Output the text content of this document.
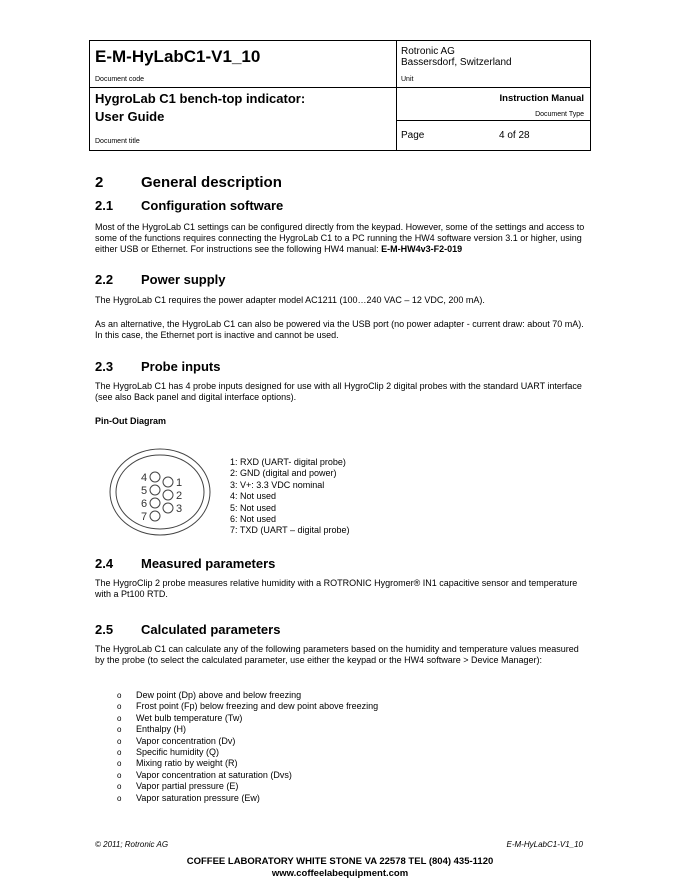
E-M-HyLabC1-V1_10
Document code
Rotronic AG
Bassersdorf, Switzerland
Unit
HygroLab C1 bench-top indicator:
User Guide
Document title
Instruction Manual
Document Type
Page	4 of 28
2	General description
2.1 Configuration software
Most of the HygroLab C1 settings can be configured directly from the keypad. However, some of the settings and access to some of the functions requires connecting the HygroLab C1 to a PC running the HW4 software version 3.1 or higher, using either USB or Ethernet. For instructions see the following HW4 manual: E-M-HW4v3-F2-019
2.2 Power supply
The HygroLab C1 requires the power adapter model AC1211 (100…240 VAC – 12 VDC, 200 mA).
As an alternative, the HygroLab C1 can also be powered via the USB port (no power adapter - current draw: about 70 mA). In this case, the Ethernet port is inactive and cannot be used.
2.3 Probe inputs
The HygroLab C1 has 4 probe inputs designed for use with all HygroClip 2 digital probes with the standard UART interface (see also Back panel and digital interface options).
Pin-Out Diagram
4	1
5	2
6	3
7
1: RXD (UART- digital probe)
2: GND (digital and power)
3: V+: 3.3 VDC nominal
4: Not used
5: Not used
6: Not used
7: TXD (UART – digital probe)
2.4 Measured parameters
The HygroClip 2 probe measures relative humidity with a ROTRONIC Hygromer® IN1 capacitive sensor and temperature with a Pt100 RTD.
2.5 Calculated parameters
The HygroLab C1 can calculate any of the following parameters based on the humidity and temperature values measured by the probe (to select the calculated parameter, use either the keypad or the HW4 software > Device Manager):
o Dew point (Dp) above and below freezing
o Frost point (Fp) below freezing and dew point above freezing
o Wet bulb temperature (Tw)
o Enthalpy (H)
o Vapor concentration (Dv)
o Specific humidity (Q)
o Mixing ratio by weight (R)
o Vapor concentration at saturation (Dvs)
o Vapor partial pressure (E)
o Vapor saturation pressure (Ew)
© 2011; Rotronic AG	E-M-HyLabC1-V1_10
COFFEE LABORATORY WHITE STONE VA 22578 TEL (804) 435-1120
www.coffeelabequipment.com
